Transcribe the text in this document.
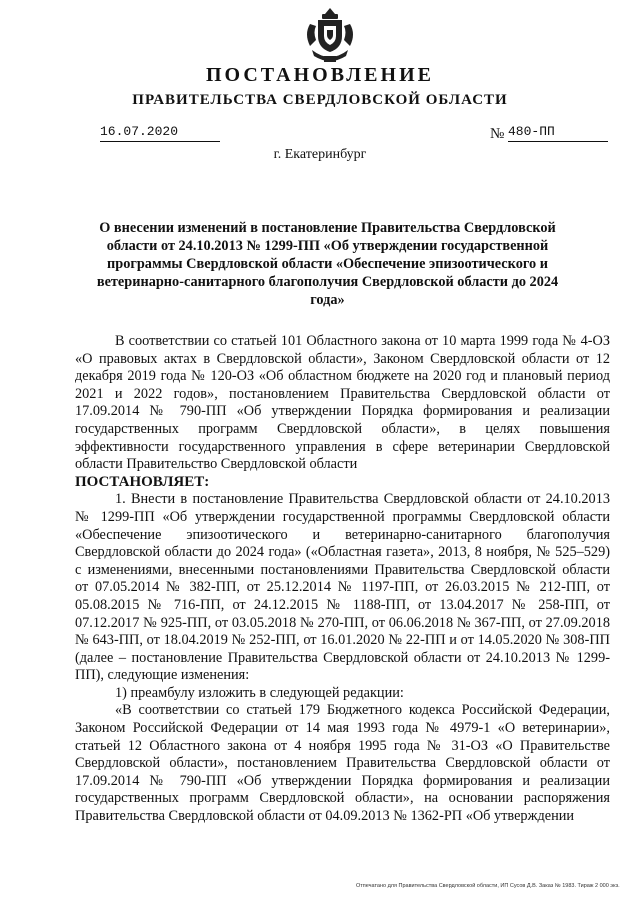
ПОСТАНОВЛЕНИЕ
ПРАВИТЕЛЬСТВА СВЕРДЛОВСКОЙ ОБЛАСТИ
16.07.2020	№ 480-ПП
г. Екатеринбург
О внесении изменений в постановление Правительства Свердловской области от 24.10.2013 № 1299-ПП «Об утверждении государственной программы Свердловской области «Обеспечение эпизоотического и ветеринарно-санитарного благополучия Свердловской области до 2024 года»

В соответствии со статьей 101 Областного закона от 10 марта 1999 года № 4-ОЗ «О правовых актах в Свердловской области», Законом Свердловской области от 12 декабря 2019 года № 120-ОЗ «Об областном бюджете на 2020 год и плановый период 2021 и 2022 годов», постановлением Правительства Свердловской области от 17.09.2014 № 790-ПП «Об утверждении Порядка формирования и реализации государственных программ Свердловской области», в целях повышения эффективности государственного управления в сфере ветеринарии Свердловской области Правительство Свердловской области

ПОСТАНОВЛЯЕТ:

1. Внести в постановление Правительства Свердловской области от 24.10.2013 № 1299-ПП «Об утверждении государственной программы Свердловской области «Обеспечение эпизоотического и ветеринарно-санитарного благополучия Свердловской области до 2024 года» («Областная газета», 2013, 8 ноября, № 525–529) с изменениями, внесенными постановлениями Правительства Свердловской области от 07.05.2014 № 382-ПП, от 25.12.2014 № 1197-ПП, от 26.03.2015 № 212-ПП, от 05.08.2015 № 716-ПП, от 24.12.2015 № 1188-ПП, от 13.04.2017 № 258-ПП, от 07.12.2017 № 925-ПП, от 03.05.2018 № 270-ПП, от 06.06.2018 № 367-ПП, от 27.09.2018 № 643-ПП, от 18.04.2019 № 252-ПП, от 16.01.2020 № 22-ПП и от 14.05.2020 № 308-ПП (далее – постановление Правительства Свердловской области от 24.10.2013 № 1299-ПП), следующие изменения:

1) преамбулу изложить в следующей редакции:

«В соответствии со статьей 179 Бюджетного кодекса Российской Федерации, Законом Российской Федерации от 14 мая 1993 года № 4979-1 «О ветеринарии», статьей 12 Областного закона от 4 ноября 1995 года № 31-ОЗ «О Правительстве Свердловской области», постановлением Правительства Свердловской области от 17.09.2014 № 790-ПП «Об утверждении Порядка формирования и реализации государственных программ Свердловской области», на основании распоряжения Правительства Свердловской области от 04.09.2013 № 1362-РП «Об утверждении

Отпечатано для Правительства Свердловской области, ИП Сусов Д.В. Заказ № 1983. Тираж 2 000 экз.
